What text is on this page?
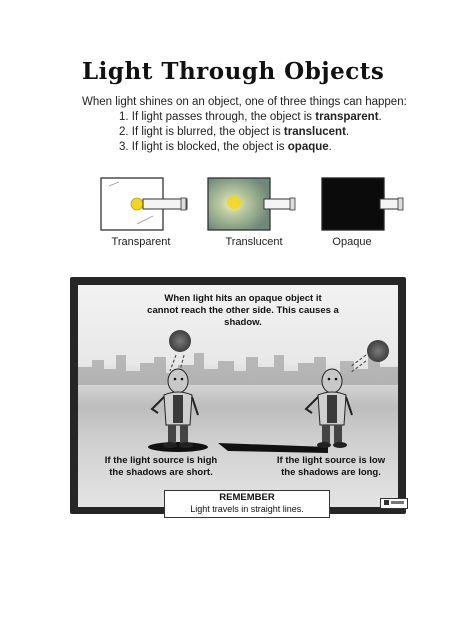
Light Through Objects
When light shines on an object, one of three things can happen:
1. If light passes through, the object is transparent.
2. If light is blurred, the object is translucent.
3. If light is blocked, the object is opaque.
Transparent	Translucent	Opaque
When light hits an opaque object it
cannot reach the other side. This causes a shadow.
If the light source is high
the shadows are short.
If the light source is low
the shadows are long.
REMEMBER
Light travels in straight lines.
